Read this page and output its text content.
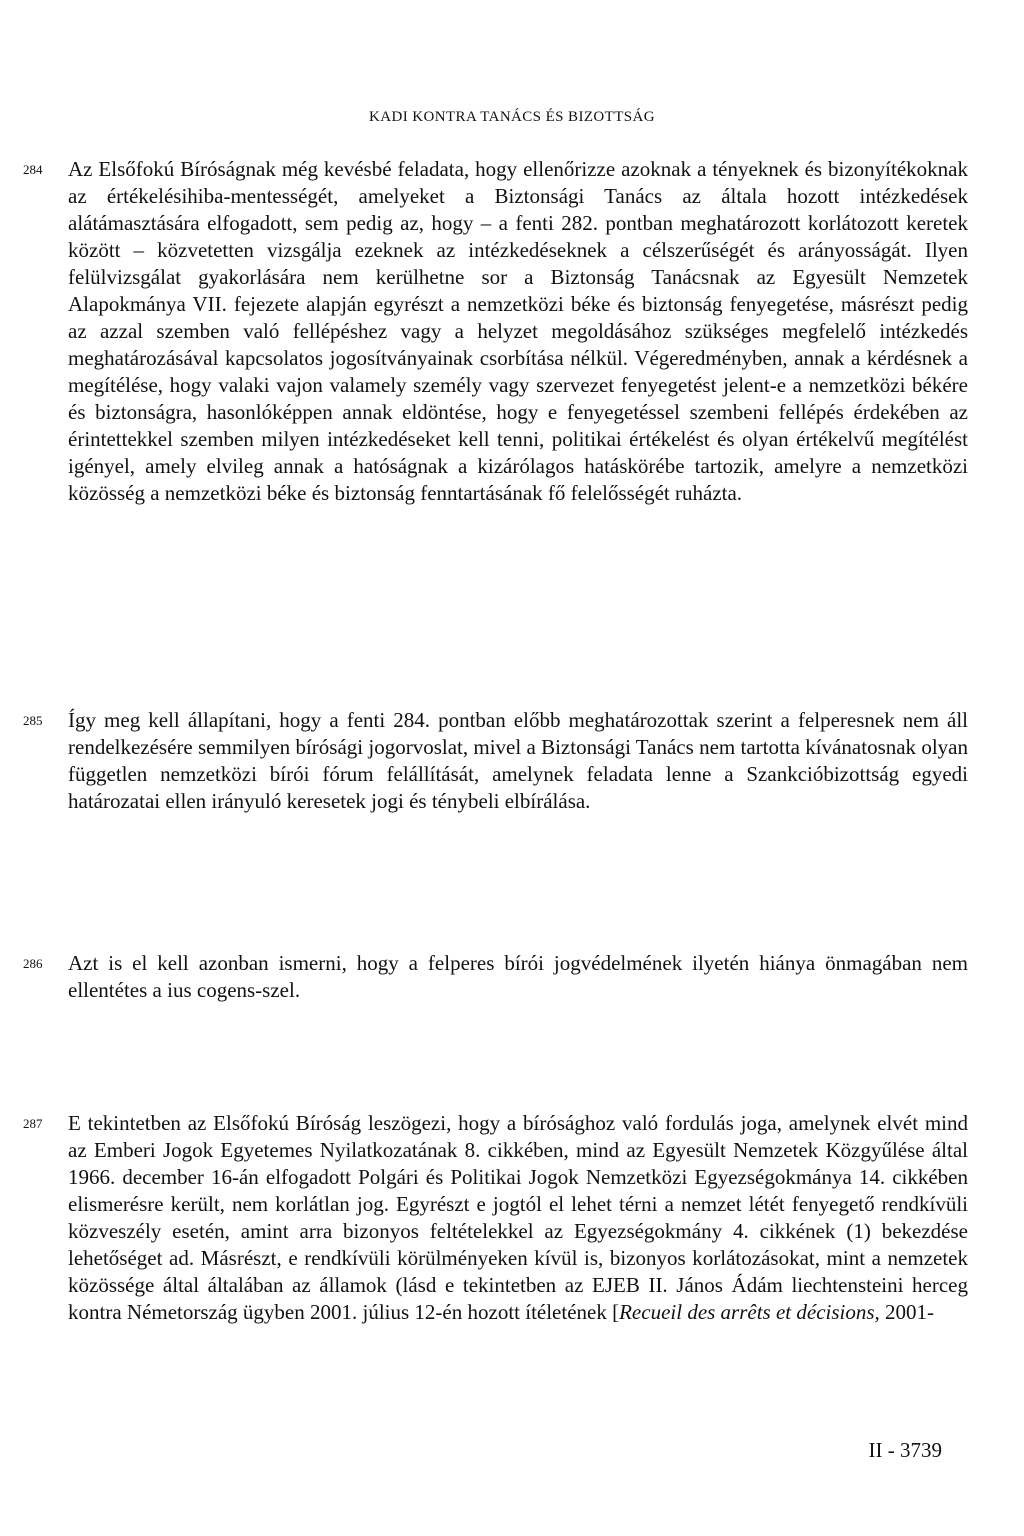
KADI KONTRA TANÁCS ÉS BIZOTTSÁG
284 Az Elsőfokú Bíróságnak még kevésbé feladata, hogy ellenőrizze azoknak a tényeknek és bizonyítékoknak az értékelésihiba-mentességét, amelyeket a Biztonsági Tanács az általa hozott intézkedések alátámasztására elfogadott, sem pedig az, hogy – a fenti 282. pontban meghatározott korlátozott keretek között – közvetetten vizsgálja ezeknek az intézkedéseknek a célszerűségét és arányosságát. Ilyen felülvizsgálat gyakorlására nem kerülhetne sor a Biztonság Tanácsnak az Egyesült Nemzetek Alapokmánya VII. fejezete alapján egyrészt a nemzetközi béke és biztonság fenyegetése, másrészt pedig az azzal szemben való fellépéshez vagy a helyzet megoldásához szükséges megfelelő intézkedés meghatározásával kapcsolatos jogosítványainak csorbítása nélkül. Végeredményben, annak a kérdésnek a megítélése, hogy valaki vajon valamely személy vagy szervezet fenyegetést jelent-e a nemzetközi békére és biztonságra, hasonlóképpen annak eldöntése, hogy e fenyegetéssel szembeni fellépés érdekében az érintettekkel szemben milyen intézkedéseket kell tenni, politikai értékelést és olyan értékelvű megítélést igényel, amely elvileg annak a hatóságnak a kizárólagos hatáskörébe tartozik, amelyre a nemzetközi közösség a nemzetközi béke és biztonság fenntartásának fő felelősségét ruházta.

285 Így meg kell állapítani, hogy a fenti 284. pontban előbb meghatározottak szerint a felperesnek nem áll rendelkezésére semmilyen bírósági jogorvoslat, mivel a Biztonsági Tanács nem tartotta kívánatosnak olyan független nemzetközi bírói fórum felállítását, amelynek feladata lenne a Szankcióbizottság egyedi határozatai ellen irányuló keresetek jogi és ténybeli elbírálása.

286 Azt is el kell azonban ismerni, hogy a felperes bírói jogvédelmének ilyetén hiánya önmagában nem ellentétes a ius cogens-szel.

287 E tekintetben az Elsőfokú Bíróság leszögezi, hogy a bírósághoz való fordulás joga, amelynek elvét mind az Emberi Jogok Egyetemes Nyilatkozatának 8. cikkében, mind az Egyesült Nemzetek Közgyűlése által 1966. december 16-án elfogadott Polgári és Politikai Jogok Nemzetközi Egyezségokmánya 14. cikkében elismerésre került, nem korlátlan jog. Egyrészt e jogtól el lehet térni a nemzet létét fenyegető rendkívüli közveszély esetén, amint arra bizonyos feltételekkel az Egyezségokmány 4. cikkének (1) bekezdése lehetőséget ad. Másrészt, e rendkívüli körülményeken kívül is, bizonyos korlátozásokat, mint a nemzetek közössége által általában az államok (lásd e tekintetben az EJEB II. János Ádám liechtensteini herceg kontra Németország ügyben 2001. július 12-én hozott ítéletének [Recueil des arrêts et décisions, 2001-

II - 3739
